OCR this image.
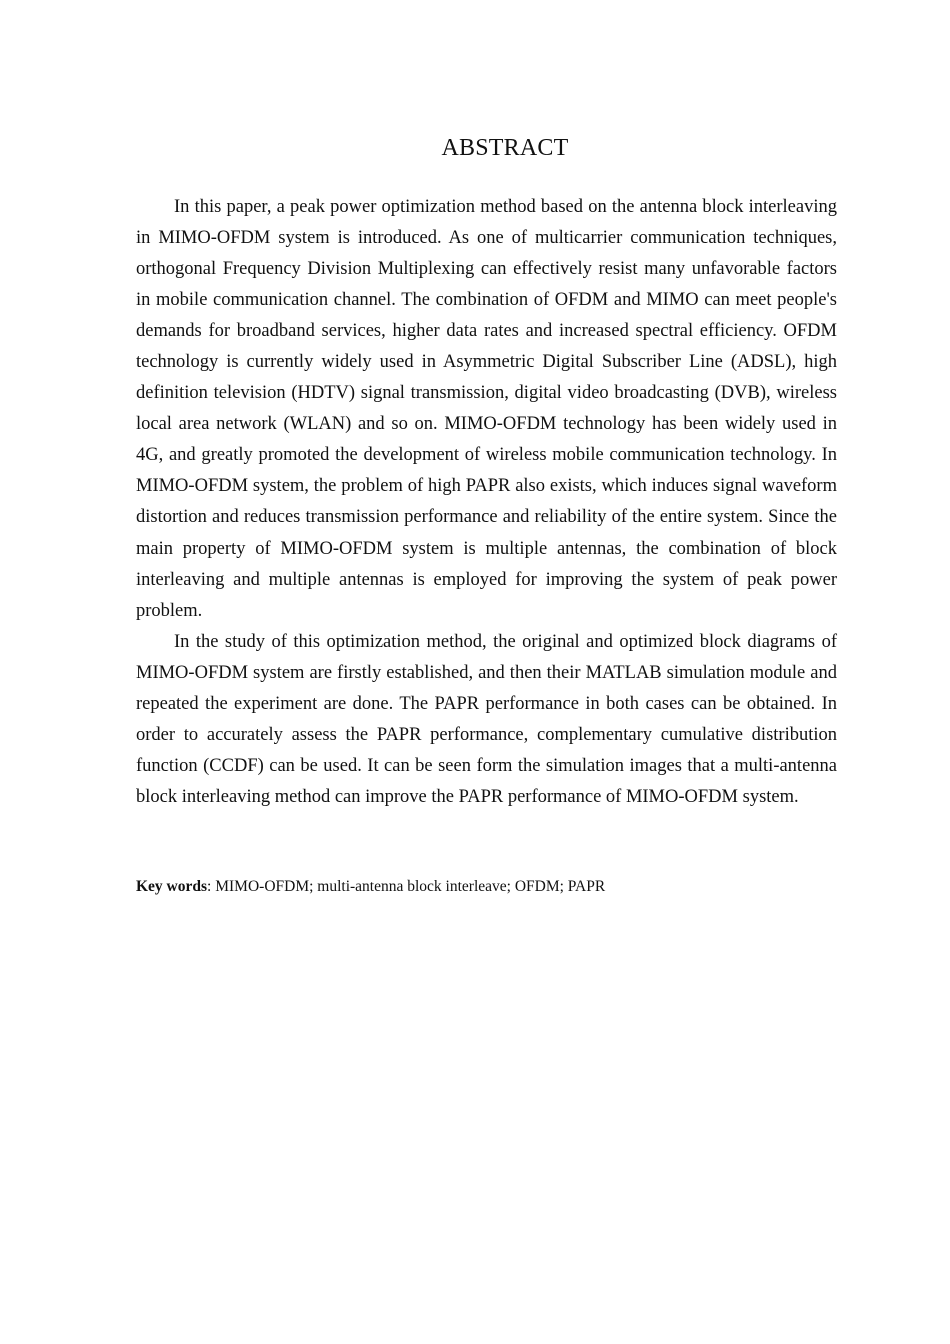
ABSTRACT

In this paper, a peak power optimization method based on the antenna block interleaving in MIMO-OFDM system is introduced. As one of multicarrier communication techniques, orthogonal Frequency Division Multiplexing can effectively resist many unfavorable factors in mobile communication channel. The combination of OFDM and MIMO can meet people's demands for broadband services, higher data rates and increased spectral efficiency. OFDM technology is currently widely used in Asymmetric Digital Subscriber Line (ADSL), high definition television (HDTV) signal transmission, digital video broadcasting (DVB), wireless local area network (WLAN) and so on. MIMO-OFDM technology has been widely used in 4G, and greatly promoted the development of wireless mobile communication technology. In MIMO-OFDM system, the problem of high PAPR also exists, which induces signal waveform distortion and reduces transmission performance and reliability of the entire system. Since the main property of MIMO-OFDM system is multiple antennas, the combination of block interleaving and multiple antennas is employed for improving the system of peak power problem.

In the study of this optimization method, the original and optimized block diagrams of MIMO-OFDM system are firstly established, and then their MATLAB simulation module and repeated the experiment are done. The PAPR performance in both cases can be obtained. In order to accurately assess the PAPR performance, complementary cumulative distribution function (CCDF) can be used. It can be seen form the simulation images that a multi-antenna block interleaving method can improve the PAPR performance of MIMO-OFDM system.

Key words: MIMO-OFDM; multi-antenna block interleave; OFDM; PAPR
